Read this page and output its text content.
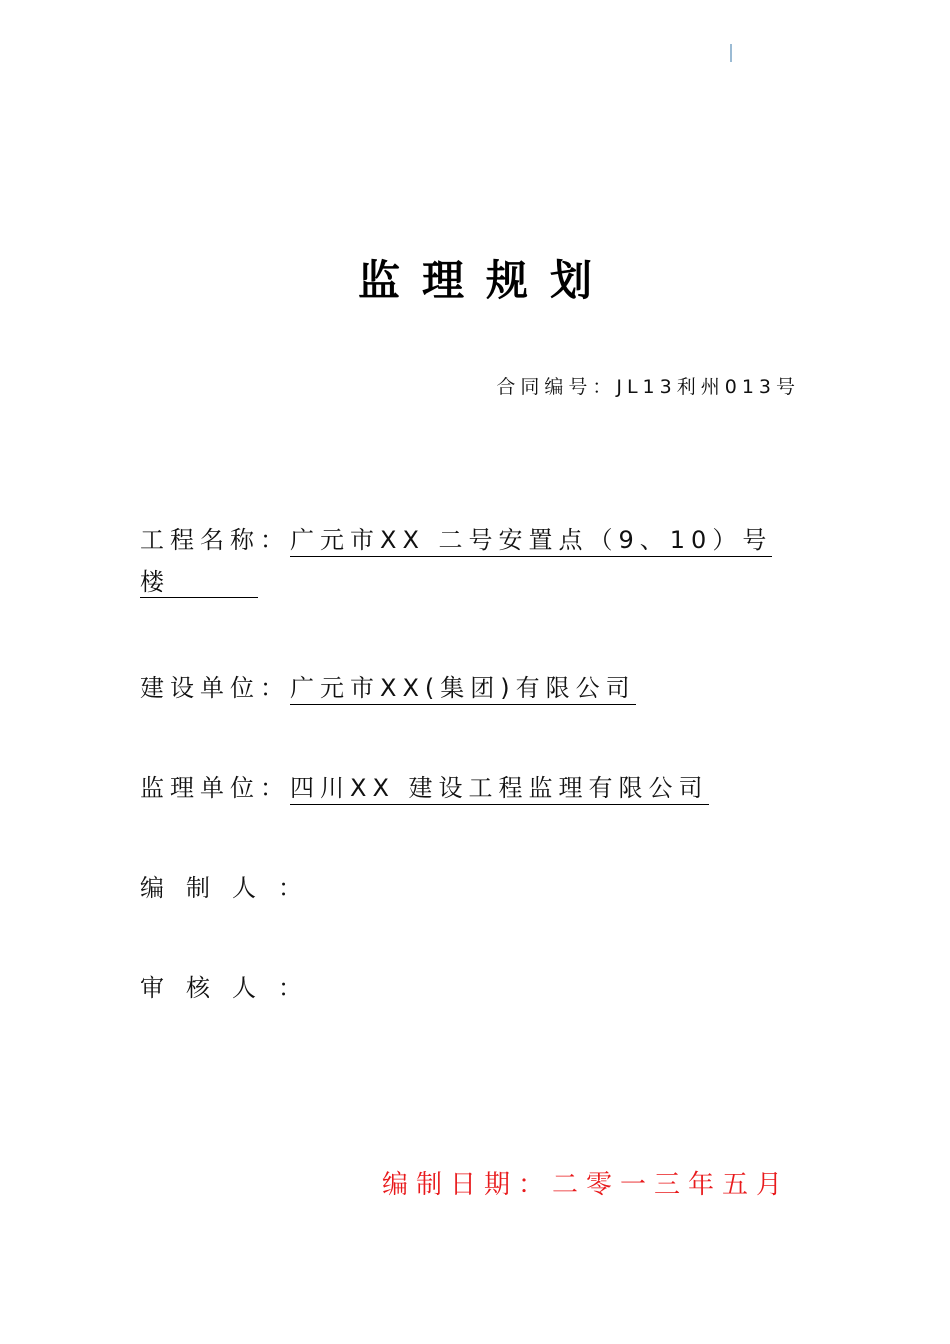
监理规划
合同编号：JL13利州013号
工程名称：广元市XX 二号安置点（9、10）号
楼
建设单位：广元市XX(集团)有限公司
监理单位：四川XX 建设工程监理有限公司
编制人：
审核人：
编制日期：二零一三年五月
